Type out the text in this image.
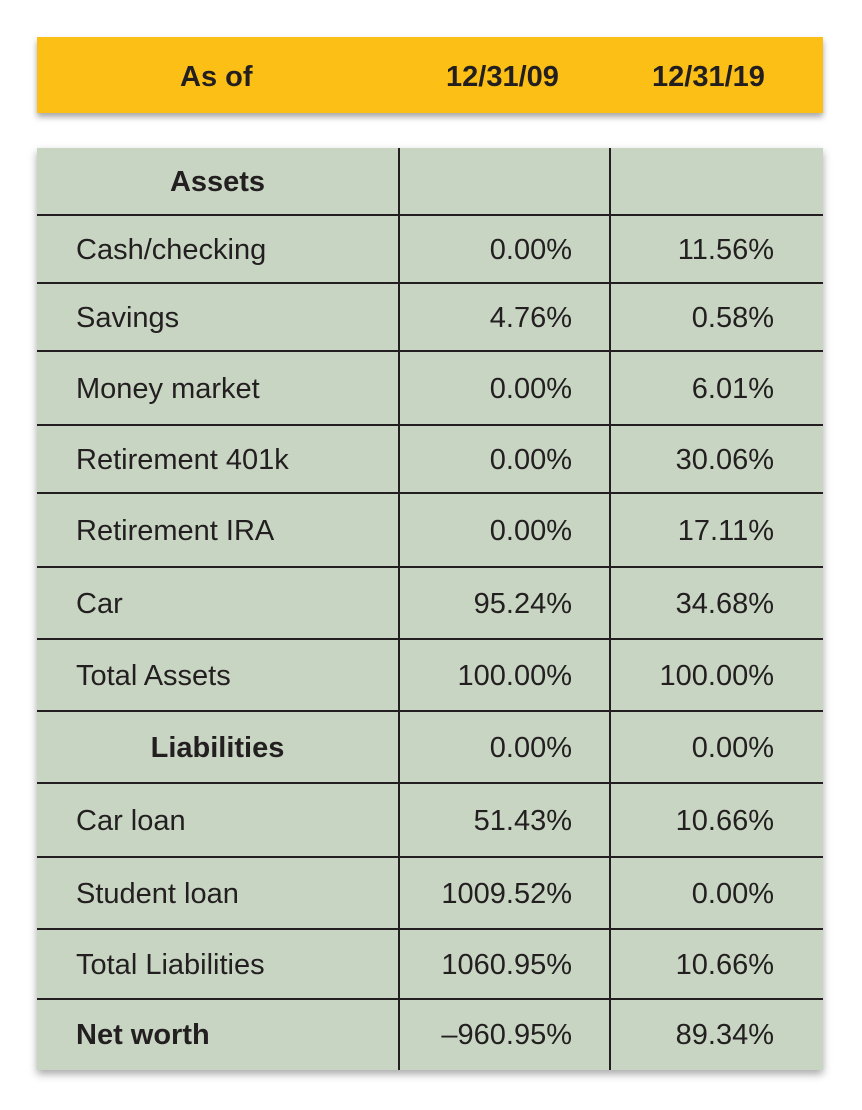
As of	12/31/09	12/31/19
Assets
Cash/checking	0.00%	11.56%
Savings	4.76%	0.58%
Money market	0.00%	6.01%
Retirement 401k	0.00%	30.06%
Retirement IRA	0.00%	17.11%
Car	95.24%	34.68%
Total Assets	100.00%	100.00%
Liabilities	0.00%	0.00%
Car loan	51.43%	10.66%
Student loan	1009.52%	0.00%
Total Liabilities	1060.95%	10.66%
Net worth	–960.95%	89.34%
